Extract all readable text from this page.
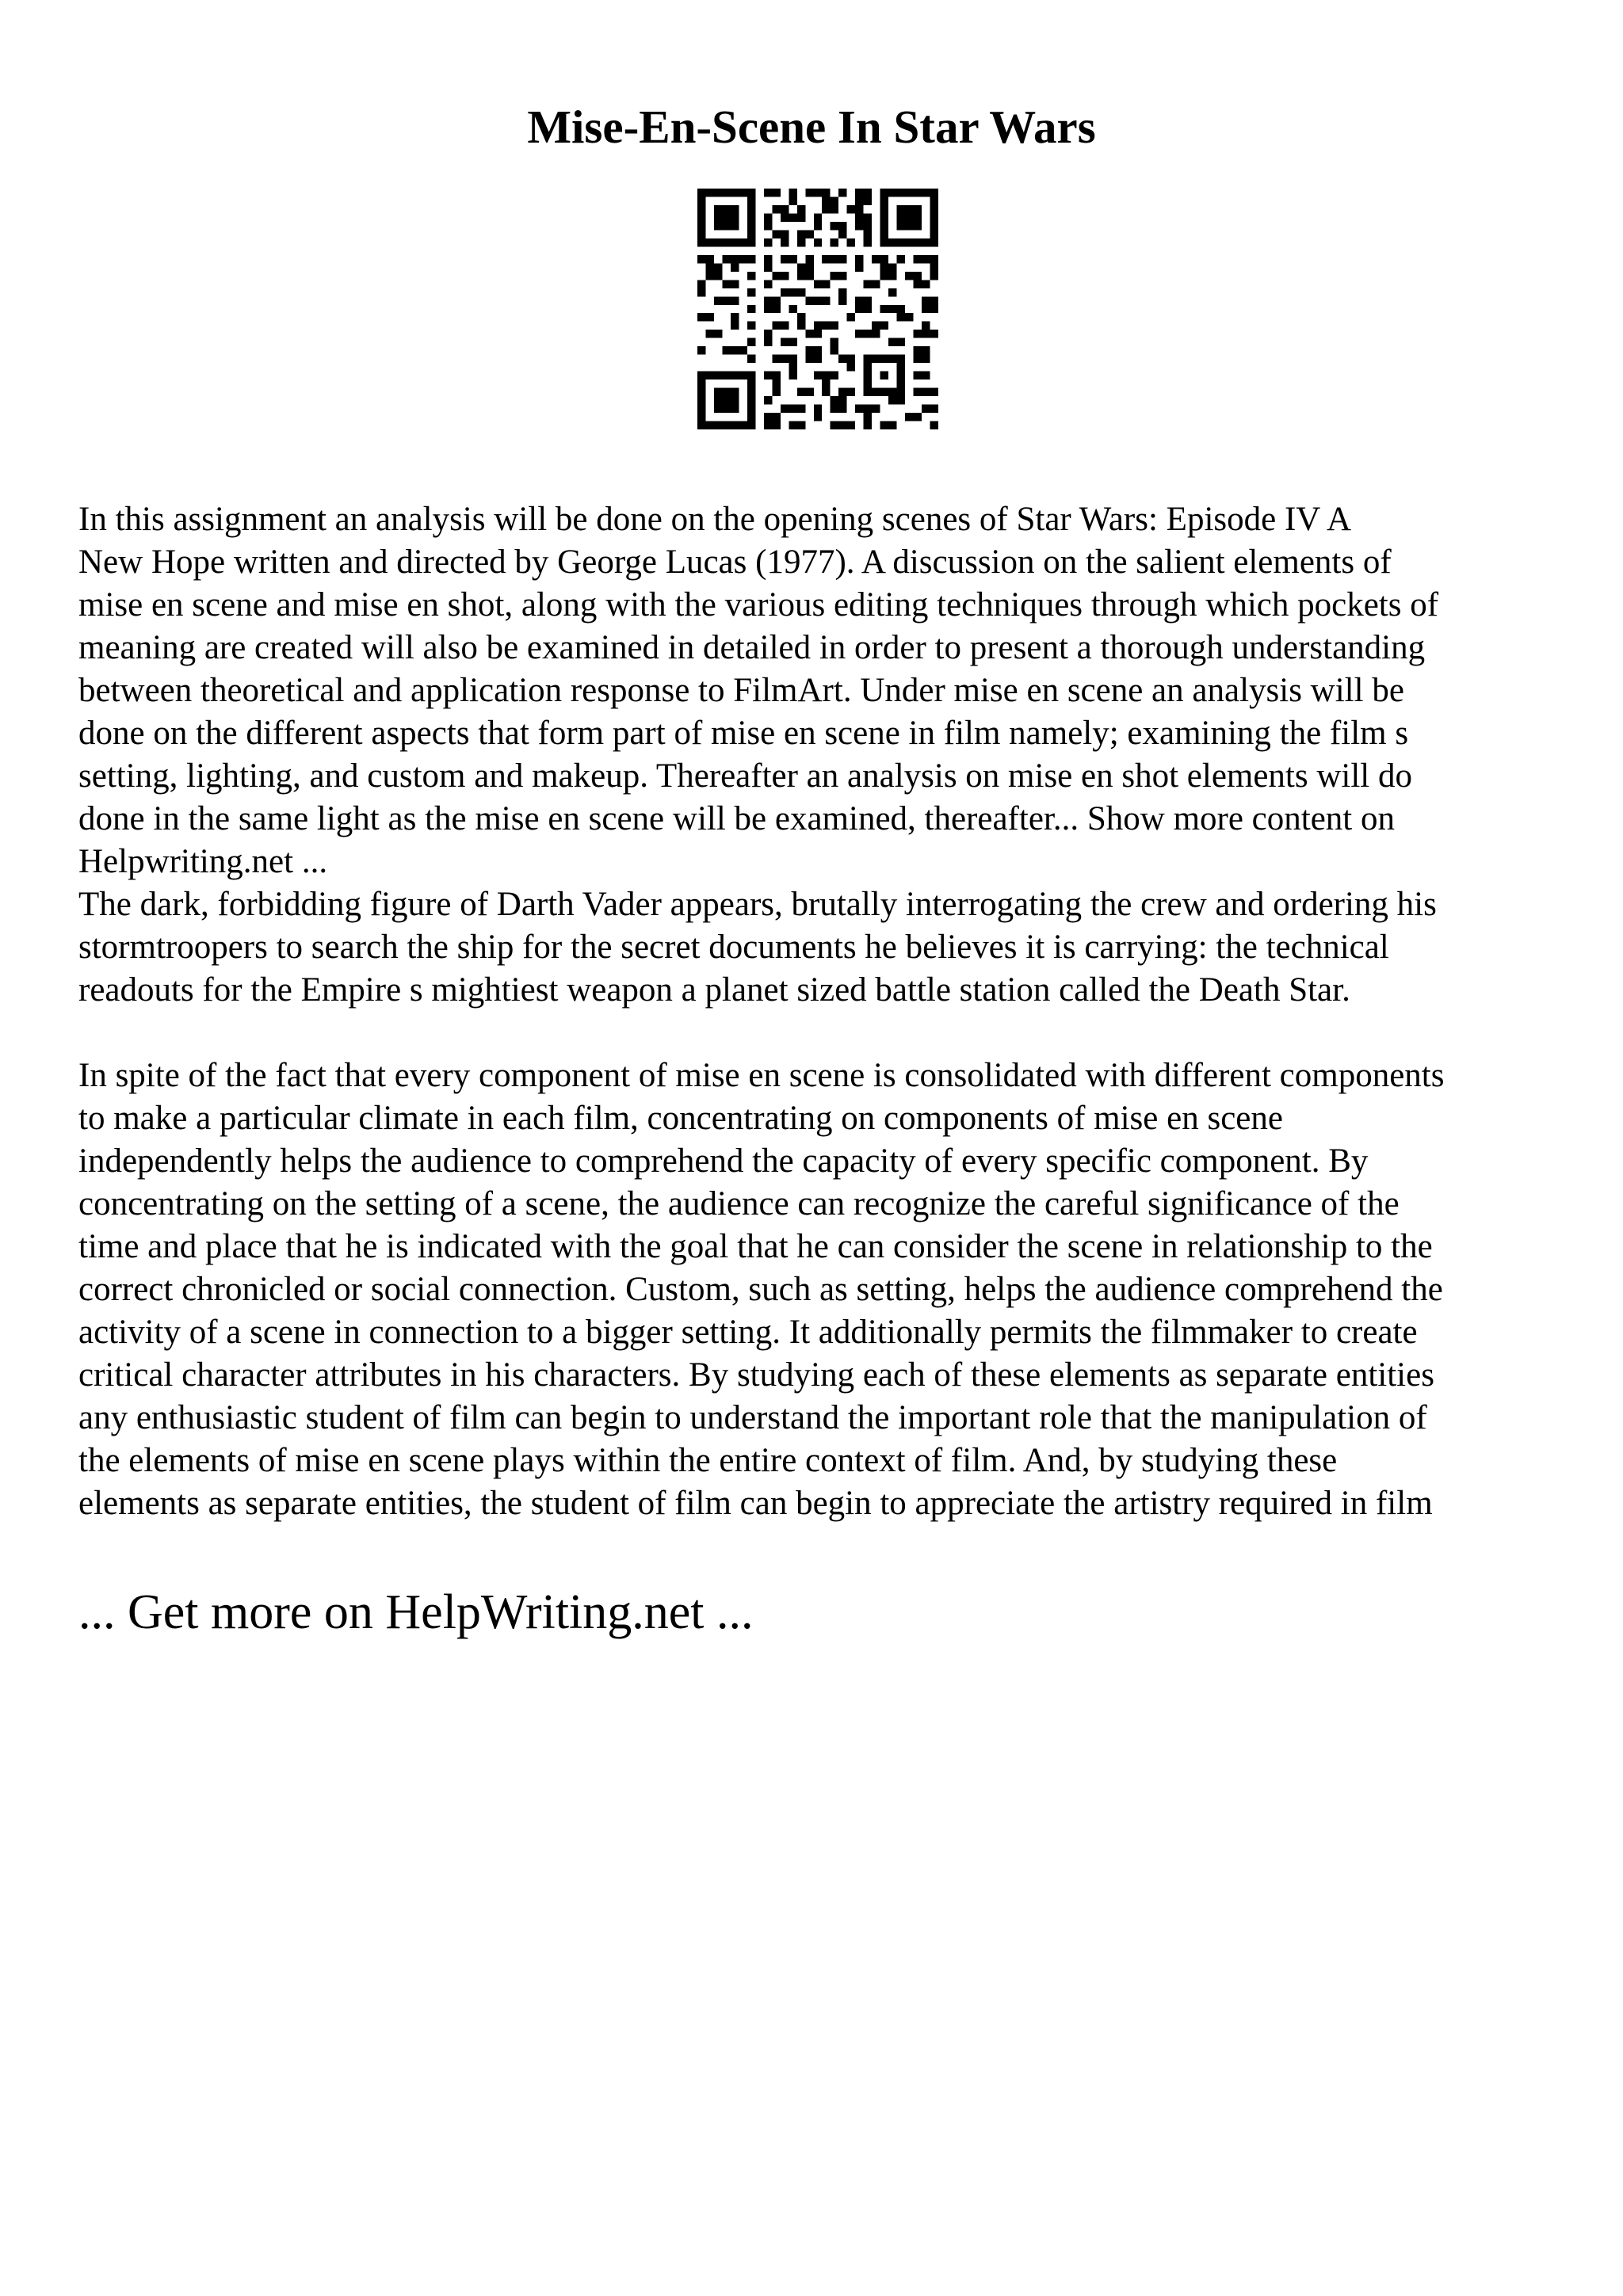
Mise-En-Scene In Star Wars

In this assignment an analysis will be done on the opening scenes of Star Wars: Episode IV A
New Hope written and directed by George Lucas (1977). A discussion on the salient elements of
mise en scene and mise en shot, along with the various editing techniques through which pockets of
meaning are created will also be examined in detailed in order to present a thorough understanding
between theoretical and application response to FilmArt. Under mise en scene an analysis will be
done on the different aspects that form part of mise en scene in film namely; examining the film s
setting, lighting, and custom and makeup. Thereafter an analysis on mise en shot elements will do
done in the same light as the mise en scene will be examined, thereafter... Show more content on
Helpwriting.net ...

The dark, forbidding figure of Darth Vader appears, brutally interrogating the crew and ordering his
stormtroopers to search the ship for the secret documents he believes it is carrying: the technical
readouts for the Empire s mightiest weapon a planet sized battle station called the Death Star.

In spite of the fact that every component of mise en scene is consolidated with different components
to make a particular climate in each film, concentrating on components of mise en scene
independently helps the audience to comprehend the capacity of every specific component. By
concentrating on the setting of a scene, the audience can recognize the careful significance of the
time and place that he is indicated with the goal that he can consider the scene in relationship to the
correct chronicled or social connection. Custom, such as setting, helps the audience comprehend the
activity of a scene in connection to a bigger setting. It additionally permits the filmmaker to create
critical character attributes in his characters. By studying each of these elements as separate entities
any enthusiastic student of film can begin to understand the important role that the manipulation of
the elements of mise en scene plays within the entire context of film. And, by studying these
elements as separate entities, the student of film can begin to appreciate the artistry required in film

... Get more on HelpWriting.net ...
